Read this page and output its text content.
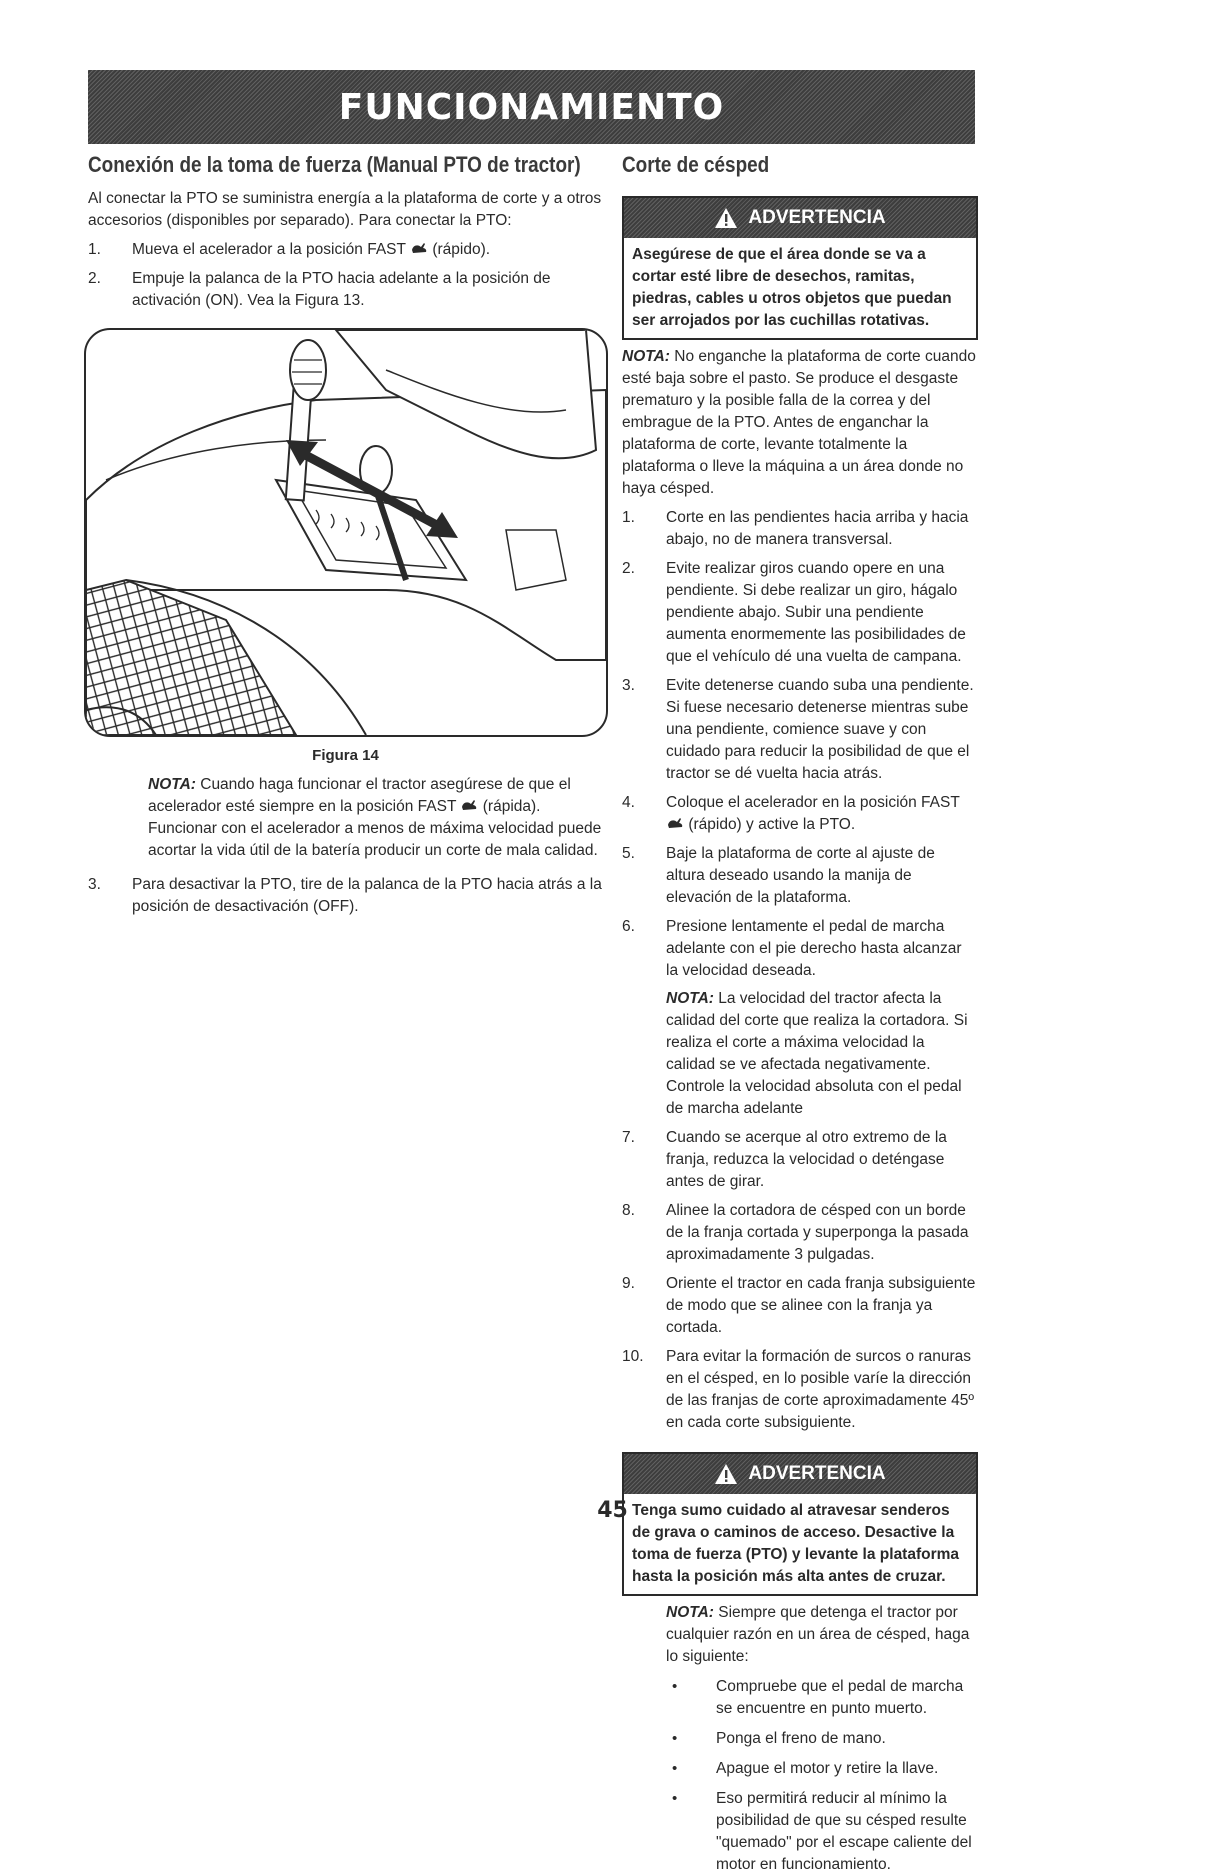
FUNCIONAMIENTO
Conexión de la toma de fuerza (Manual PTO de tractor)

Al conectar la PTO se suministra energía a la plataforma de corte y a otros accesorios (disponibles por separado). Para conectar la PTO:

1.	Mueva el acelerador a la posición FAST  (rápido).
2.	Empuje la palanca de la PTO hacia adelante a la posición de activación (ON). Vea la Figura 13.
Figura 14

NOTA: Cuando haga funcionar el tractor asegúrese de que el acelerador esté siempre en la posición FAST  (rápida). Funcionar con el acelerador a menos de máxima velocidad puede acortar la vida útil de la batería producir un corte de mala calidad.

3.	Para desactivar la PTO, tire de la palanca de la PTO hacia atrás a la posición de desactivación (OFF).
Corte de césped
ADVERTENCIA
Asegúrese de que el área donde se va a cortar esté libre de desechos, ramitas, piedras, cables u otros objetos que puedan ser arrojados por las cuchillas rotativas.

NOTA: No enganche la plataforma de corte cuando esté baja sobre el pasto. Se produce el desgaste prematuro y la posible falla de la correa y del embrague de la PTO. Antes de enganchar la plataforma de corte, levante totalmente la plataforma o lleve la máquina a un área donde no haya césped.

1.	Corte en las pendientes hacia arriba y hacia abajo, no de manera transversal.
2.	Evite realizar giros cuando opere en una pendiente. Si debe realizar un giro, hágalo pendiente abajo. Subir una pendiente aumenta enormemente las posibilidades de que el vehículo dé una vuelta de campana.
3.	Evite detenerse cuando suba una pendiente. Si fuese necesario detenerse mientras sube una pendiente, comience suave y con cuidado para reducir la posibilidad de que el tractor se dé vuelta hacia atrás.
4.	Coloque el acelerador en la posición FAST  (rápido) y active la PTO.
5.	Baje la plataforma de corte al ajuste de altura deseado usando la manija de elevación de la plataforma.
6.	Presione lentamente el pedal de marcha adelante con el pie derecho hasta alcanzar la velocidad deseada.

NOTA: La velocidad del tractor afecta la calidad del corte que realiza la cortadora. Si realiza el corte a máxima velocidad la calidad se ve afectada negativamente. Controle la velocidad absoluta con el pedal de marcha adelante

7.	Cuando se acerque al otro extremo de la franja, reduzca la velocidad o deténgase antes de girar.
8.	Alinee la cortadora de césped con un borde de la franja cortada y superponga la pasada aproximadamente 3 pulgadas.
9.	Oriente el tractor en cada franja subsiguiente de modo que se alinee con la franja ya cortada.
10.	Para evitar la formación de surcos o ranuras en el césped, en lo posible varíe la dirección de las franjas de corte aproximadamente 45º en cada corte subsiguiente.
ADVERTENCIA
Tenga sumo cuidado al atravesar senderos de grava o caminos de acceso. Desactive la toma de fuerza (PTO) y levante la plataforma hasta la posición más alta antes de cruzar.

NOTA: Siempre que detenga el tractor por cualquier razón en un área de césped, haga lo siguiente:

•	Compruebe que el pedal de marcha se encuentre en punto muerto.
•	Ponga el freno de mano.
•	Apague el motor y retire la llave.
•	Eso permitirá reducir al mínimo la posibilidad de que su césped resulte "quemado" por el escape caliente del motor en funcionamiento.
45
